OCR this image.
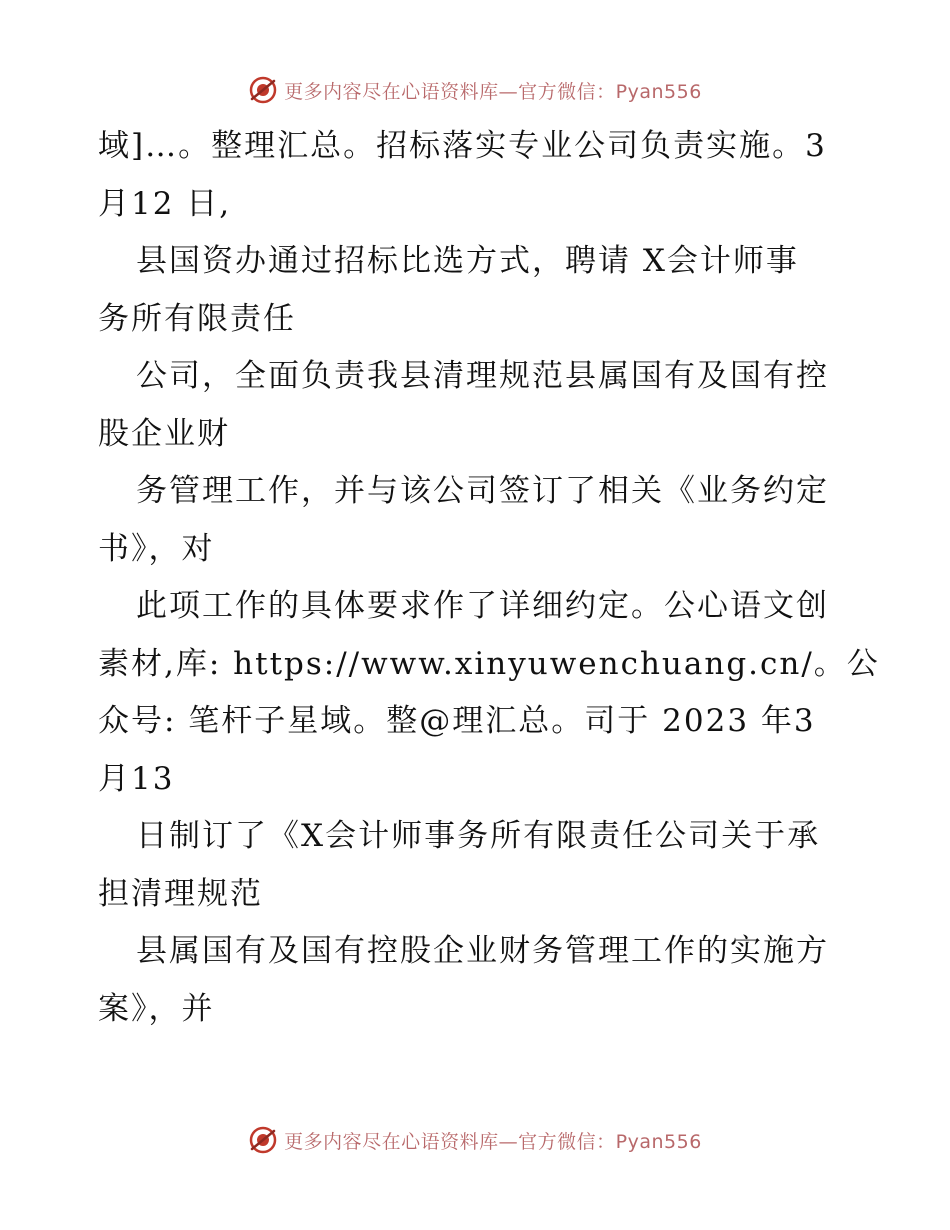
更多内容尽在心语资料库—官方微信：Pyan556
域]…。整理汇总。招标落实专业公司负责实施。3
月12 日,
县国资办通过招标比选方式，聘请 X会计师事
务所有限责任
公司，全面负责我县清理规范县属国有及国有控
股企业财
务管理工作，并与该公司签订了相关《业务约定
书》，对
此项工作的具体要求作了详细约定。公心语文创
素材,库: https://www.xinyuwenchuang.cn/。公
众号: 笔杆子星域。整@理汇总。司于 2023 年3
月13
日制订了《X会计师事务所有限责任公司关于承
担清理规范
县属国有及国有控股企业财务管理工作的实施方
案》，并
更多内容尽在心语资料库—官方微信：Pyan556
